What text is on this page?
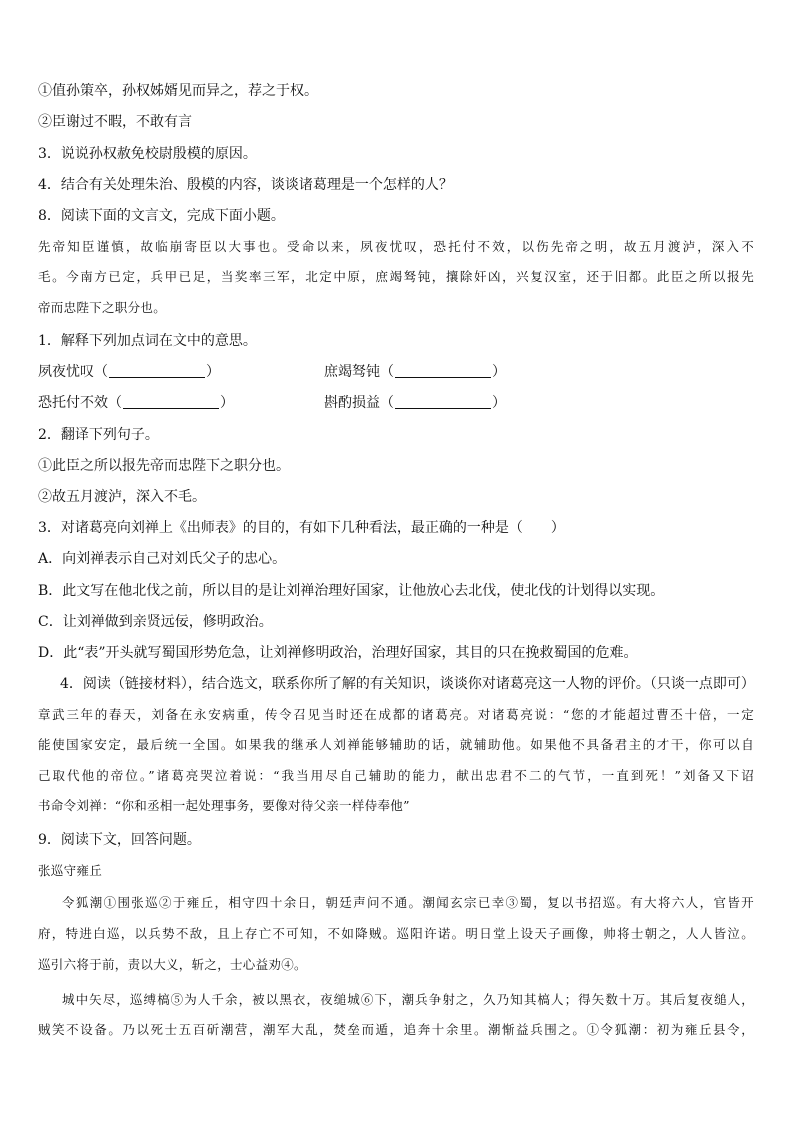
①值孙策卒，孙权姊婿见而异之，荐之于权。
②臣谢过不暇，不敢有言
3．说说孙权赦免校尉殷模的原因。
4．结合有关处理朱治、殷模的内容，谈谈诸葛理是一个怎样的人？
8．阅读下面的文言文，完成下面小题。
先帝知臣谨慎，故临崩寄臣以大事也。受命以来，夙夜忧叹，恐托付不效，以伤先帝之明，故五月渡泸，深入不
毛。今南方已定，兵甲已足，当奖率三军，北定中原，庶竭驽钝，攘除奸凶，兴复汉室，还于旧都。此臣之所以报先
帝而忠陛下之职分也。
1．解释下列加点词在文中的意思。
夙夜忧叹（	）	庶竭驽钝（	）
恐托付不效（	）	斟酌损益（	）
2．翻译下列句子。
①此臣之所以报先帝而忠陛下之职分也。
②故五月渡泸，深入不毛。
3．对诸葛亮向刘禅上《出师表》的目的，有如下几种看法，最正确的一种是（　　）
A．向刘禅表示自己对刘氏父子的忠心。
B．此文写在他北伐之前，所以目的是让刘禅治理好国家，让他放心去北伐，使北伐的计划得以实现。
C．让刘禅做到亲贤远佞，修明政治。
D．此“表”开头就写蜀国形势危急，让刘禅修明政治，治理好国家，其目的只在挽救蜀国的危难。
4．阅读（链接材料），结合选文，联系你所了解的有关知识，谈谈你对诸葛亮这一人物的评价。（只谈一点即可）
章武三年的春天，刘备在永安病重，传令召见当时还在成都的诸葛亮。对诸葛亮说：“您的才能超过曹丕十倍，一定
能使国家安定，最后统一全国。如果我的继承人刘禅能够辅助的话，就辅助他。如果他不具备君主的才干，你可以自
己取代他的帝位。”诸葛亮哭泣着说：“我当用尽自己辅助的能力，献出忠君不二的气节，一直到死！”刘备又下诏
书命令刘禅：“你和丞相一起处理事务，要像对待父亲一样侍奉他”
9．阅读下文，回答问题。
张巡守雍丘
令狐潮①围张巡②于雍丘，相守四十余日，朝廷声问不通。潮闻玄宗已幸③蜀，复以书招巡。有大将六人，官皆开
府，特进白巡，以兵势不敌，且上存亡不可知，不如降贼。巡阳许诺。明日堂上设天子画像，帅将士朝之，人人皆泣。
巡引六将于前，责以大义，斩之，士心益劝④。
城中矢尽，巡缚槁⑤为人千余，被以黑衣，夜缒城⑥下，潮兵争射之，久乃知其槁人；得矢数十万。其后复夜缒人，
贼笑不设备。乃以死士五百斫潮营，潮军大乱，焚垒而遁，追奔十余里。潮惭益兵围之。①令狐潮：初为雍丘县令，
